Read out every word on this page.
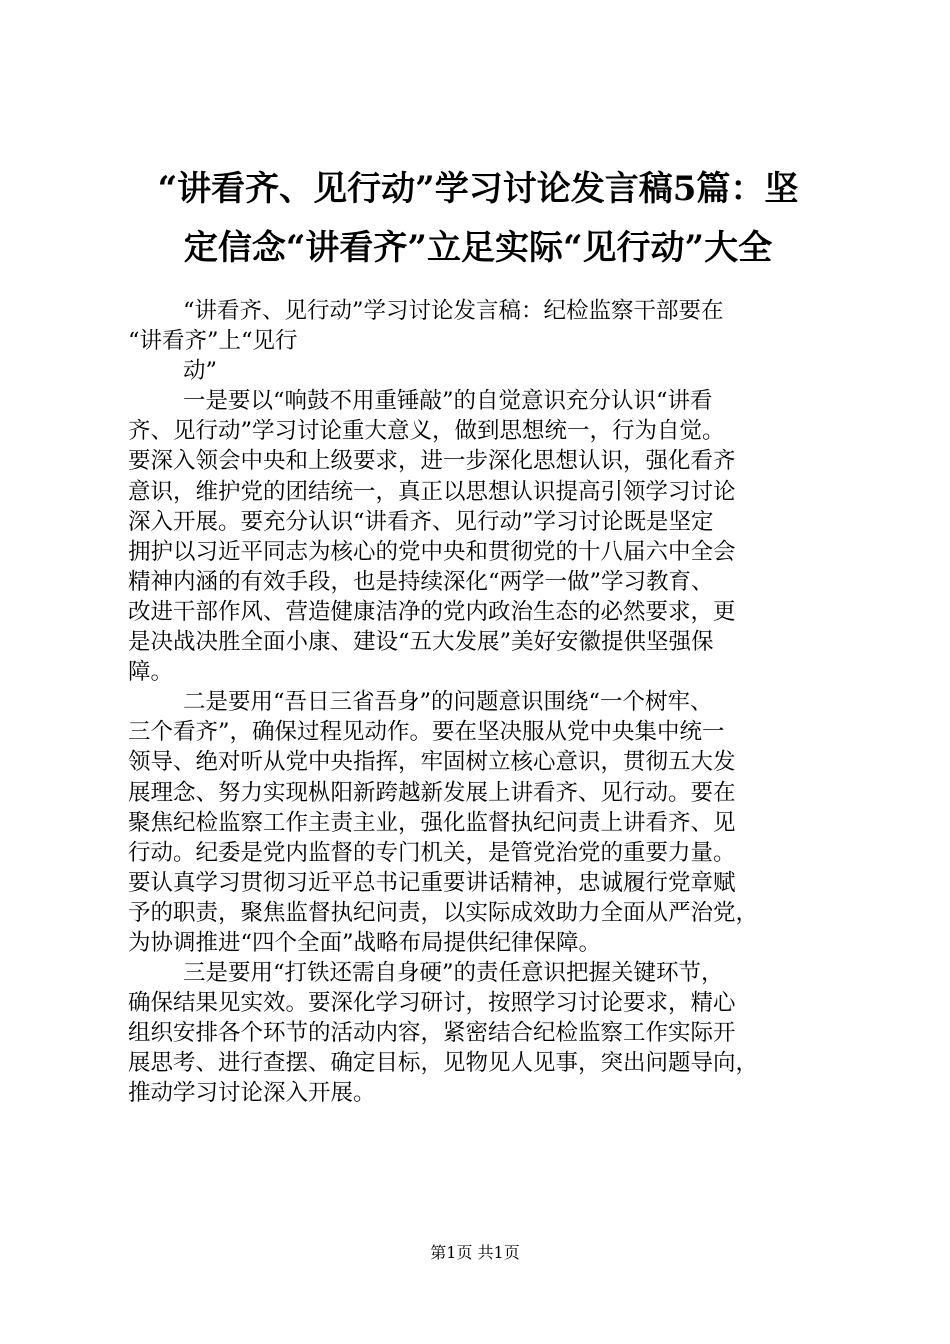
“讲看齐、见行动”学习讨论发言稿5篇：坚
定信念“讲看齐”立足实际“见行动”大全

“讲看齐、见行动”学习讨论发言稿：纪检监察干部要在
“讲看齐”上“见行
动”

一是要以“响鼓不用重锤敲”的自觉意识充分认识“讲看
齐、见行动”学习讨论重大意义，做到思想统一，行为自觉。
要深入领会中央和上级要求，进一步深化思想认识，强化看齐
意识，维护党的团结统一，真正以思想认识提高引领学习讨论
深入开展。要充分认识“讲看齐、见行动”学习讨论既是坚定
拥护以习近平同志为核心的党中央和贯彻党的十八届六中全会
精神内涵的有效手段，也是持续深化“两学一做”学习教育、
改进干部作风、营造健康洁净的党内政治生态的必然要求，更
是决战决胜全面小康、建设“五大发展”美好安徽提供坚强保
障。

二是要用“吾日三省吾身”的问题意识围绕“一个树牢、
三个看齐”，确保过程见动作。要在坚决服从党中央集中统一
领导、绝对听从党中央指挥，牢固树立核心意识，贯彻五大发
展理念、努力实现枞阳新跨越新发展上讲看齐、见行动。要在
聚焦纪检监察工作主责主业，强化监督执纪问责上讲看齐、见
行动。纪委是党内监督的专门机关，是管党治党的重要力量。
要认真学习贯彻习近平总书记重要讲话精神，忠诚履行党章赋
予的职责，聚焦监督执纪问责，以实际成效助力全面从严治党，
为协调推进“四个全面”战略布局提供纪律保障。

三是要用“打铁还需自身硬”的责任意识把握关键环节，
确保结果见实效。要深化学习研讨，按照学习讨论要求，精心
组织安排各个环节的活动内容，紧密结合纪检监察工作实际开
展思考、进行查摆、确定目标，见物见人见事，突出问题导向，
推动学习讨论深入开展。

第1页 共1页
